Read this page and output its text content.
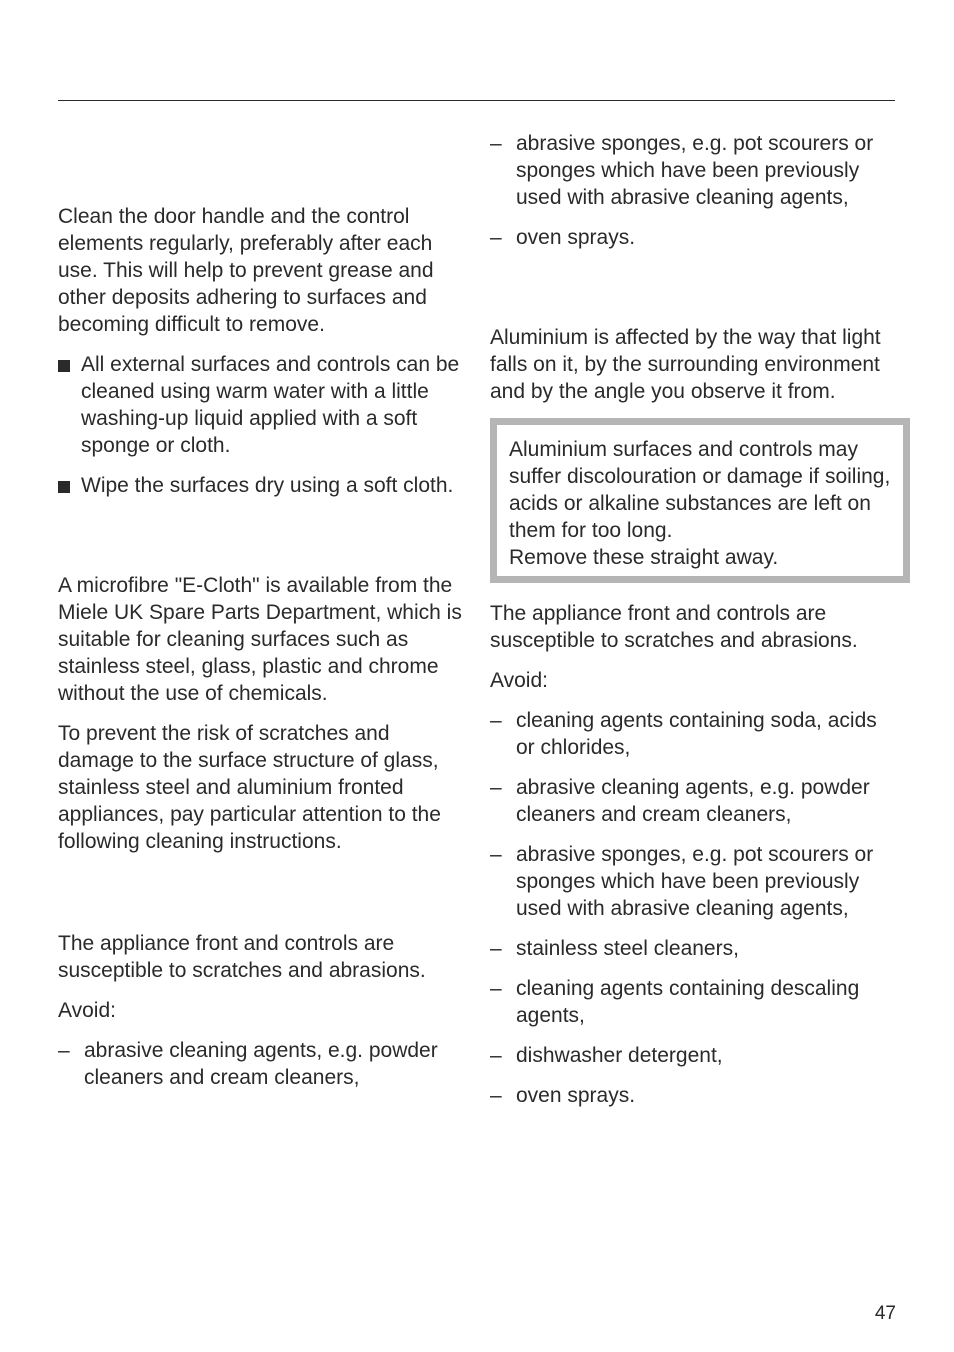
Clean the door handle and the control elements regularly, preferably after each use. This will help to prevent grease and other deposits adhering to surfaces and becoming difficult to remove.

All external surfaces and controls can be cleaned using warm water with a little washing-up liquid applied with a soft sponge or cloth.

Wipe the surfaces dry using a soft cloth.

A microfibre "E-Cloth" is available from the Miele UK Spare Parts Department, which is suitable for cleaning surfaces such as stainless steel, glass, plastic and chrome without the use of chemicals.

To prevent the risk of scratches and damage to the surface structure of glass, stainless steel and aluminium fronted appliances, pay particular attention to the following cleaning instructions.

The appliance front and controls are susceptible to scratches and abrasions.

Avoid:

– abrasive cleaning agents, e.g. powder cleaners and cream cleaners,

– abrasive sponges, e.g. pot scourers or sponges which have been previously used with abrasive cleaning agents,

– oven sprays.

Aluminium is affected by the way that light falls on it, by the surrounding environment and by the angle you observe it from.

Aluminium surfaces and controls may suffer discolouration or damage if soiling, acids or alkaline substances are left on them for too long.

Remove these straight away.

The appliance front and controls are susceptible to scratches and abrasions.

Avoid:

– cleaning agents containing soda, acids or chlorides,

– abrasive cleaning agents, e.g. powder cleaners and cream cleaners,

– abrasive sponges, e.g. pot scourers or sponges which have been previously used with abrasive cleaning agents,

– stainless steel cleaners,

– cleaning agents containing descaling agents,

– dishwasher detergent,

– oven sprays.

47
